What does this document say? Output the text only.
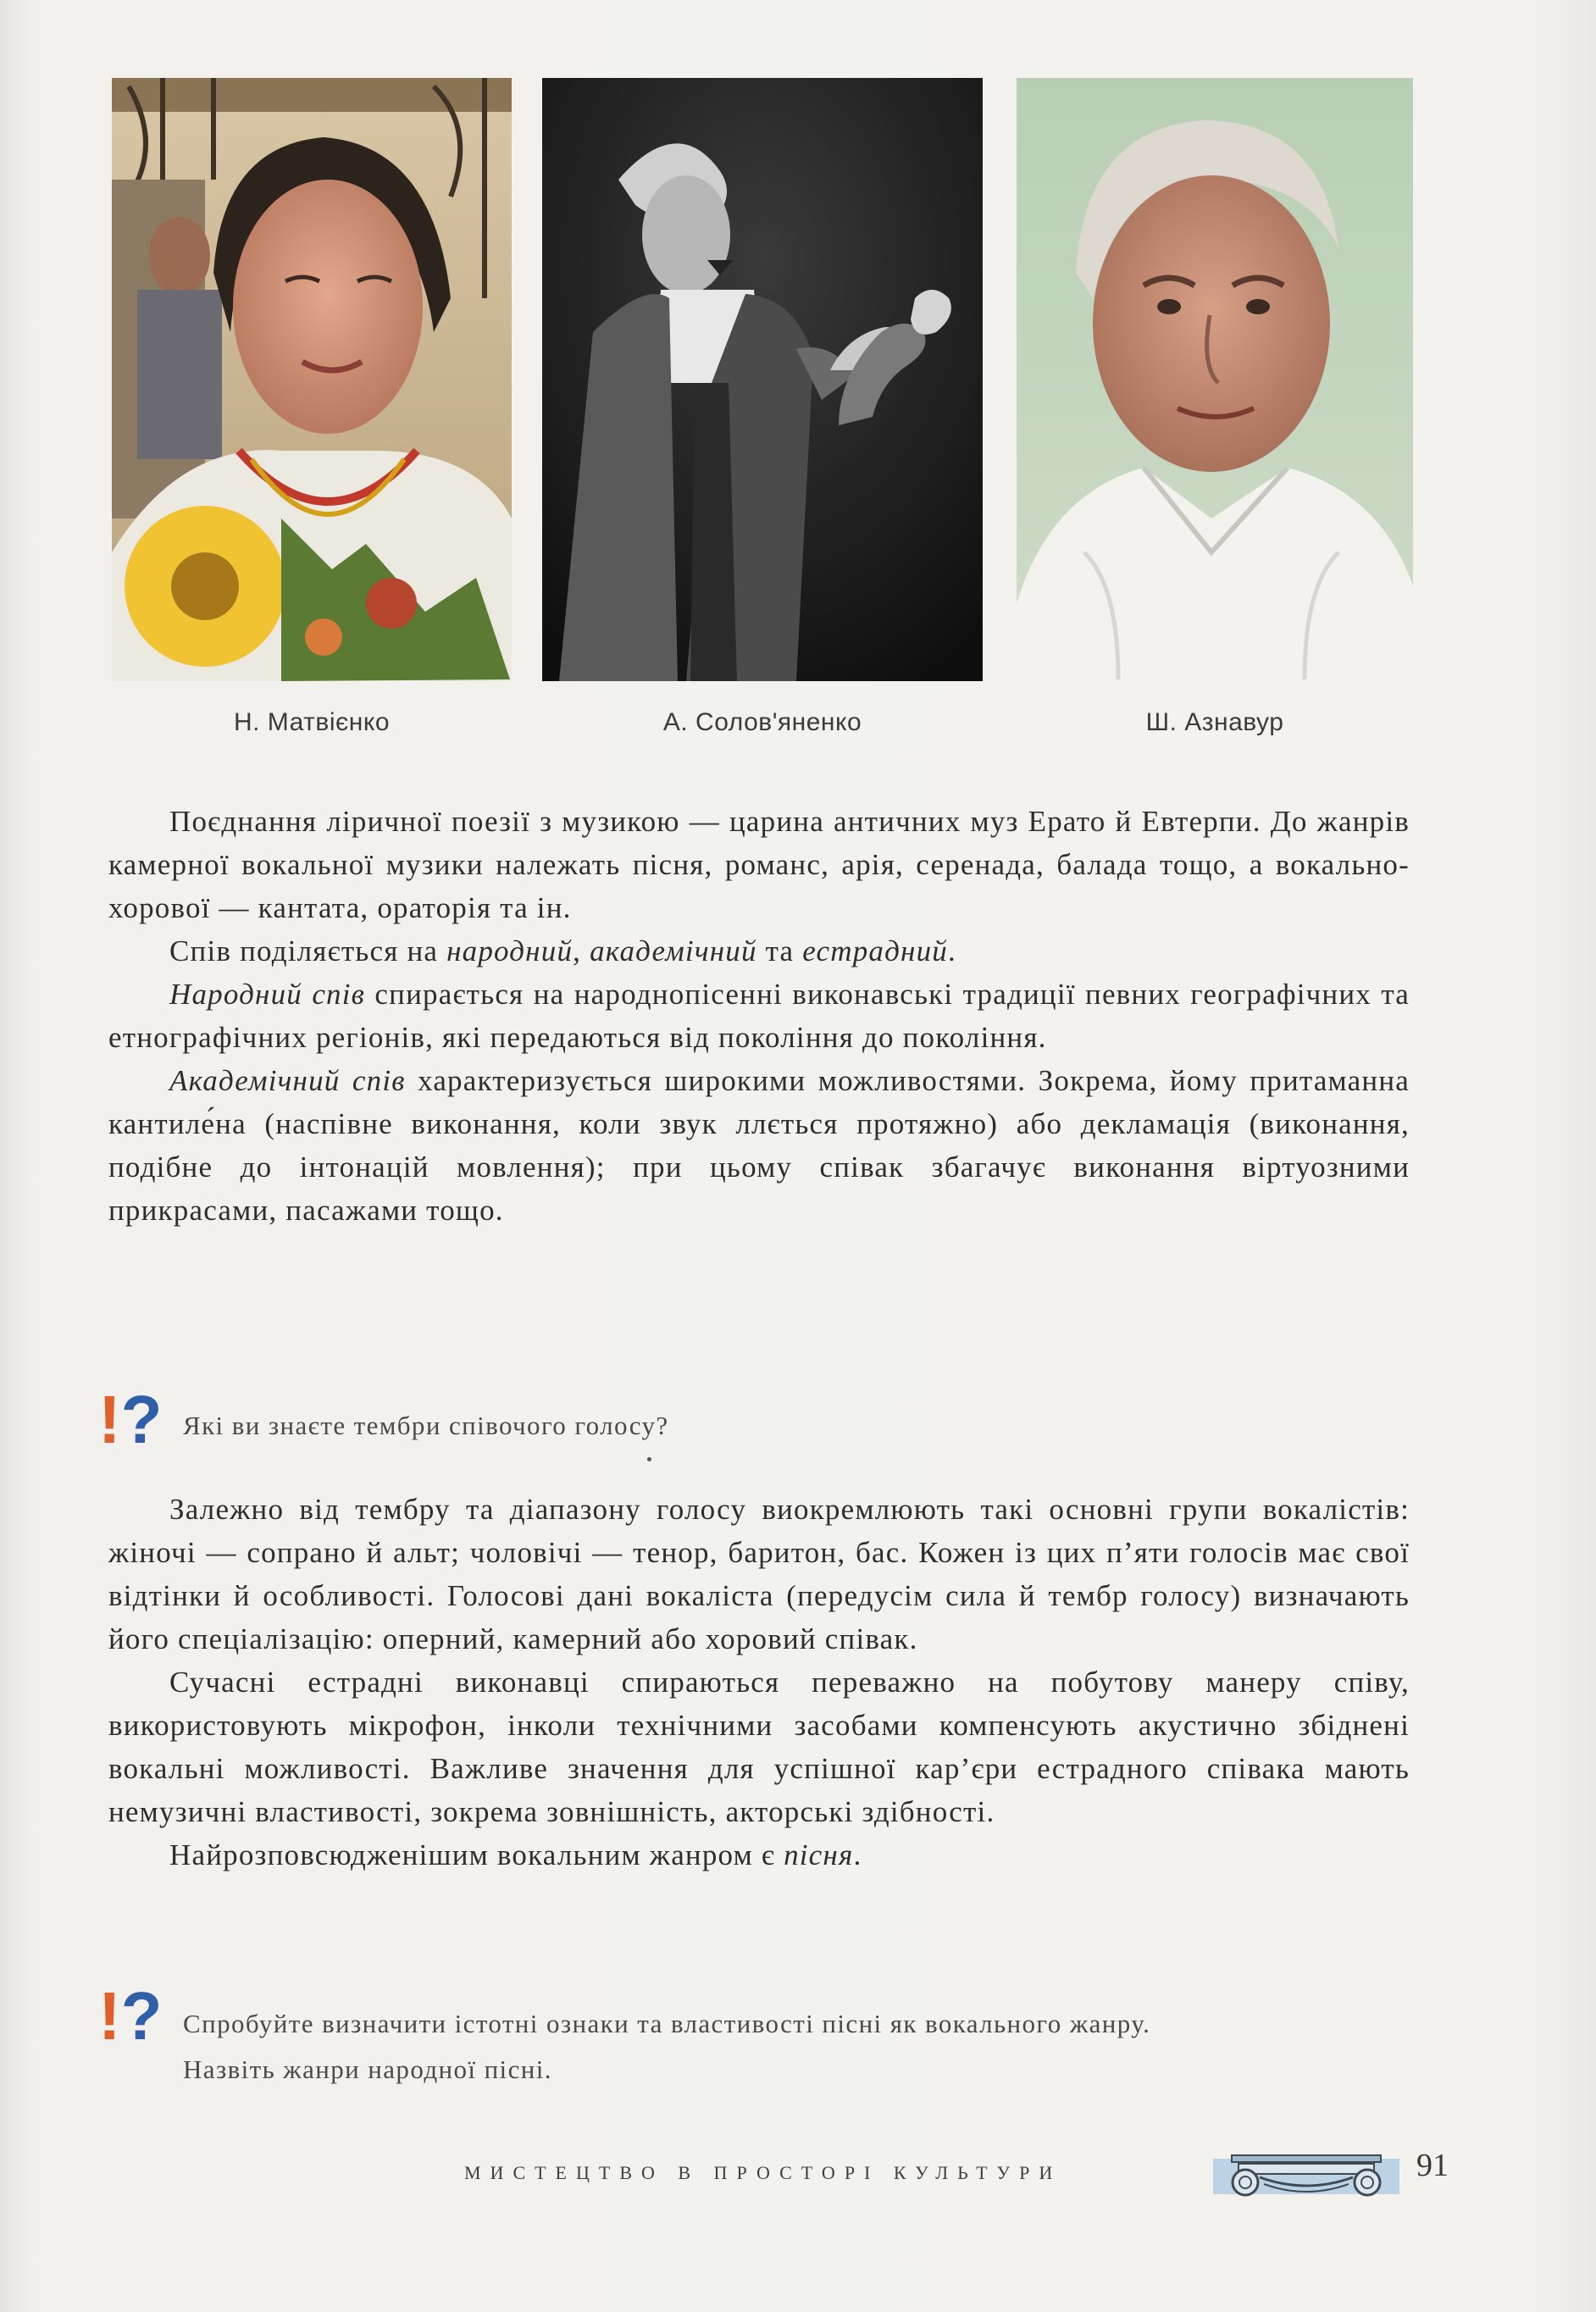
Н. Матвієнко	А. Солов'яненко	Ш. Азнавур

Поєднання ліричної поезії з музикою — царина античних муз Ерато й Евтерпи. До жанрів камерної вокальної музики належать пісня, романс, арія, серенада, балада тощо, а вокально-хорової — кантата, ораторія та ін.

Спів поділяється на народний, академічний та естрадний.

Народний спів спирається на народнопісенні виконавські традиції певних географічних та етнографічних регіонів, які передаються від покоління до покоління.

Академічний спів характеризується широкими можливостями. Зокрема, йому притаманна кантиле́на (наспівне виконання, коли звук ллється протяжно) або декламація (виконання, подібне до інтонацій мовлення); при цьому співак збагачує виконання віртуозними прикрасами, пасажами тощо.

!? Які ви знаєте тембри співочого голосу?

Залежно від тембру та діапазону голосу виокремлюють такі основні групи вокалістів: жіночі — сопрано й альт; чоловічі — тенор, баритон, бас. Кожен із цих п’яти голосів має свої відтінки й особливості. Голосові дані вокаліста (передусім сила й тембр голосу) визначають його спеціалізацію: оперний, камерний або хоровий співак.

Сучасні естрадні виконавці спираються переважно на побутову манеру співу, використовують мікрофон, інколи технічними засобами компенсують акустично збіднені вокальні можливості. Важливе значення для успішної кар’єри естрадного співака мають немузичні властивості, зокрема зовнішність, акторські здібності.

Найрозповсюдженішим вокальним жанром є пісня.

!? Спробуйте визначити істотні ознаки та властивості пісні як вокального жанру.

Назвіть жанри народної пісні.

МИСТЕЦТВО В ПРОСТОРІ КУЛЬТУРИ	91
